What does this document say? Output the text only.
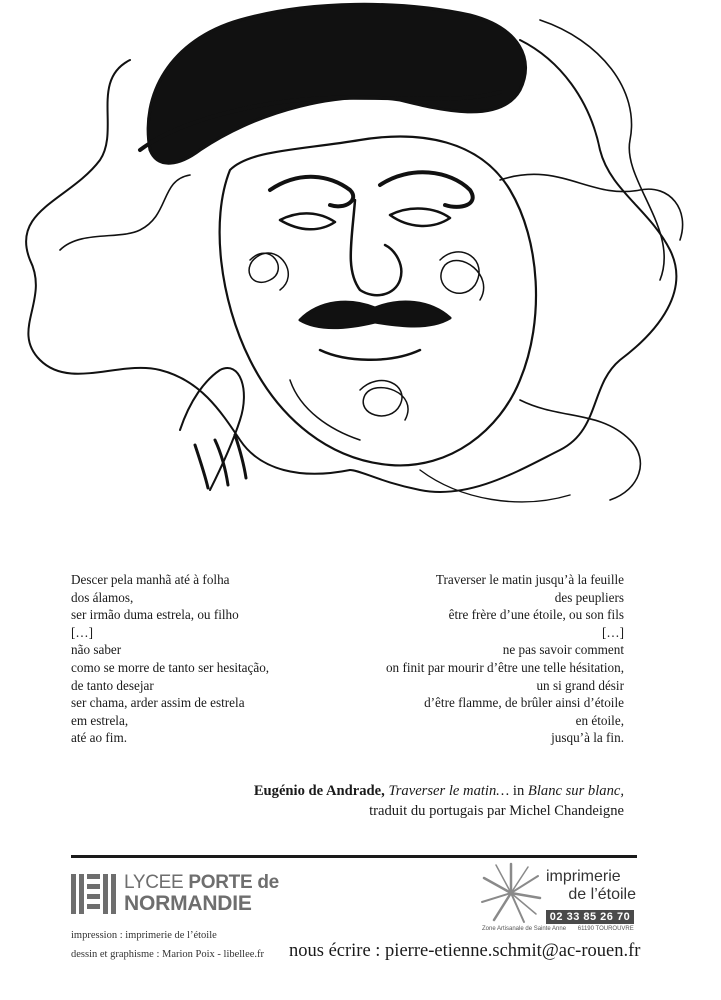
Descer pela manhã até à folha
dos álamos,
ser irmão duma estrela, ou filho
[…]
não saber
como se morre de tanto ser hesitação,
de tanto desejar
ser chama, arder assim de estrela
em estrela,
até ao fim.
Traverser le matin jusqu’à la feuille
des peupliers
être frère d’une étoile, ou son fils
[…]
ne pas savoir comment
on finit par mourir d’être une telle hésitation,
un si grand désir
d’être flamme, de brûler ainsi d’étoile
en étoile,
jusqu’à la fin.
Eugénio de Andrade, Traverser le matin… in Blanc sur blanc,
traduit du portugais par Michel Chandeigne
LYCEE PORTE de
NORMANDIE
impression : imprimerie de l’étoile
dessin et graphisme : Marion Poix - libellee.fr nous écrire : pierre-etienne.schmit@ac-rouen.fr
imprimerie
de l’étoile
02 33 85 26 70
Zone Artisanale de Sainte Anne 61190 TOUROUVRE
